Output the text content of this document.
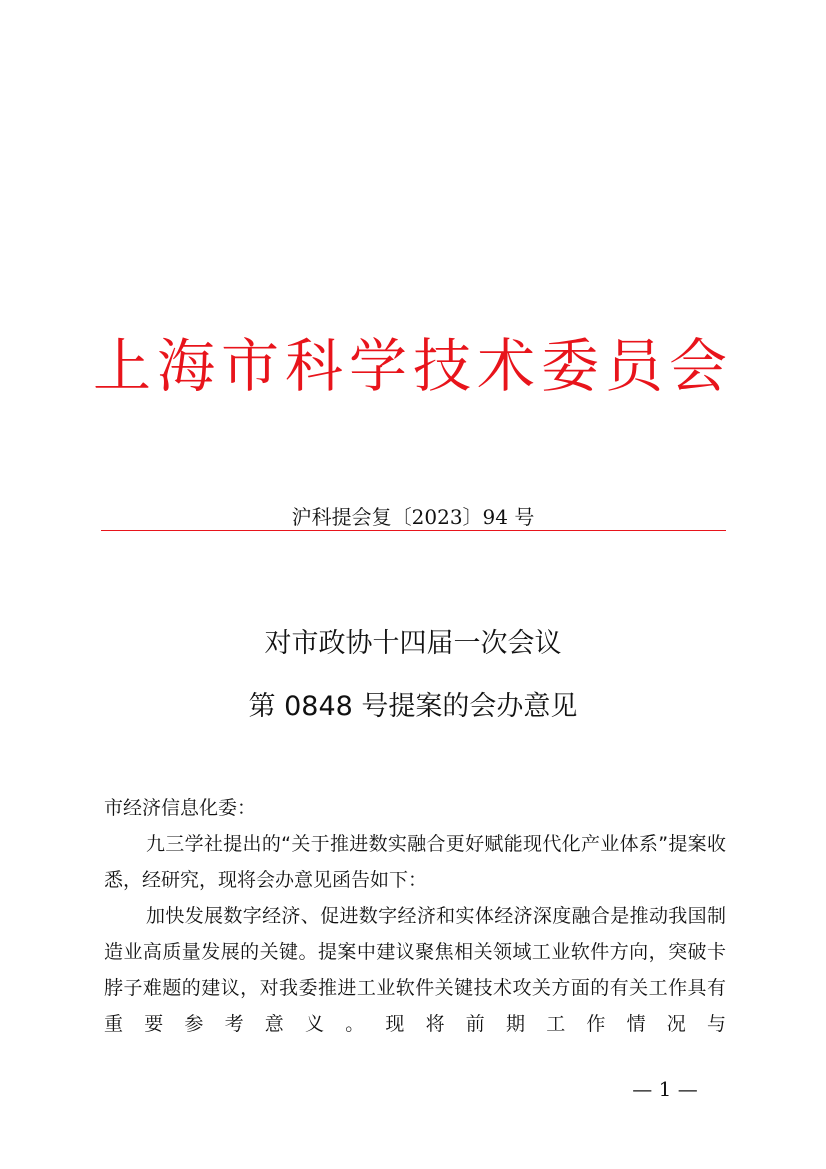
上海市科学技术委员会
沪科提会复〔2023〕94 号
对市政协十四届一次会议
第 0848 号提案的会办意见

市经济信息化委：

九三学社提出的“关于推进数实融合更好赋能现代化产业体系”提案收悉，经研究，现将会办意见函告如下：

加快发展数字经济、促进数字经济和实体经济深度融合是推动我国制造业高质量发展的关键。提案中建议聚焦相关领域工业软件方向，突破卡脖子难题的建议，对我委推进工业软件关键技术攻关方面的有关工作具有重要参考意义。现将前期工作情况与

— 1 —
